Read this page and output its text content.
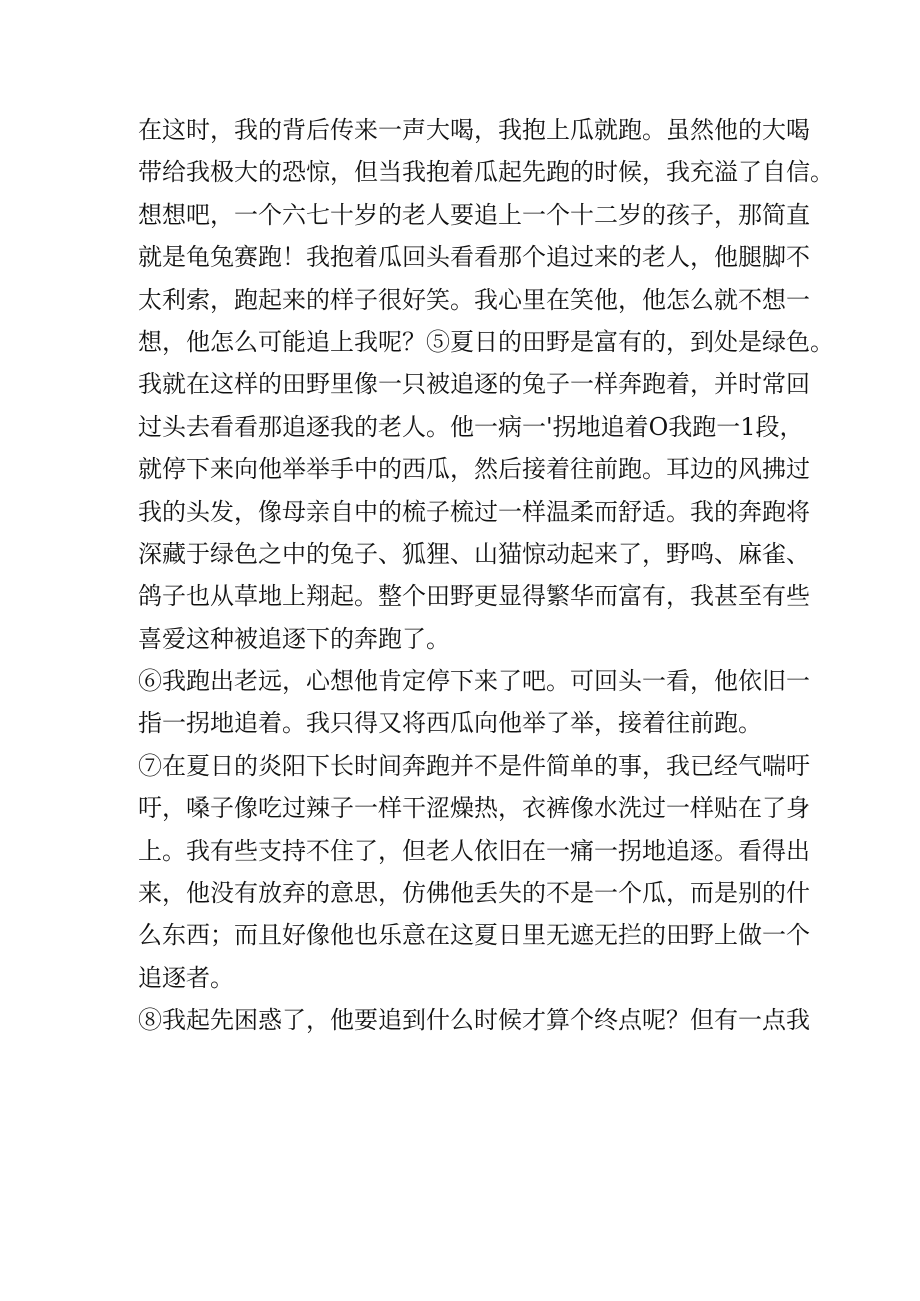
在这时，我的背后传来一声大喝，我抱上瓜就跑。虽然他的大喝
带给我极大的恐惊，但当我抱着瓜起先跑的时候，我充溢了自信。
想想吧，一个六七十岁的老人要追上一个十二岁的孩子，那简直
就是龟兔赛跑！我抱着瓜回头看看那个追过来的老人，他腿脚不
太利索，跑起来的样子很好笑。我心里在笑他，他怎么就不想一
想，他怎么可能追上我呢？⑤夏日的田野是富有的，到处是绿色。
我就在这样的田野里像一只被追逐的兔子一样奔跑着，并时常回
过头去看看那追逐我的老人。他一病一'拐地追着O我跑一1段，
就停下来向他举举手中的西瓜，然后接着往前跑。耳边的风拂过
我的头发，像母亲自中的梳子梳过一样温柔而舒适。我的奔跑将
深藏于绿色之中的兔子、狐狸、山猫惊动起来了，野鸣、麻雀、
鸽子也从草地上翔起。整个田野更显得繁华而富有，我甚至有些
喜爱这种被追逐下的奔跑了。
⑥我跑出老远，心想他肯定停下来了吧。可回头一看，他依旧一
指一拐地追着。我只得又将西瓜向他举了举，接着往前跑。
⑦在夏日的炎阳下长时间奔跑并不是件简单的事，我已经气喘吁
吁，嗓子像吃过辣子一样干涩燥热，衣裤像水洗过一样贴在了身
上。我有些支持不住了，但老人依旧在一痛一拐地追逐。看得出
来，他没有放弃的意思，仿佛他丢失的不是一个瓜，而是别的什
么东西；而且好像他也乐意在这夏日里无遮无拦的田野上做一个
追逐者。
⑧我起先困惑了，他要追到什么时候才算个终点呢？但有一点我
